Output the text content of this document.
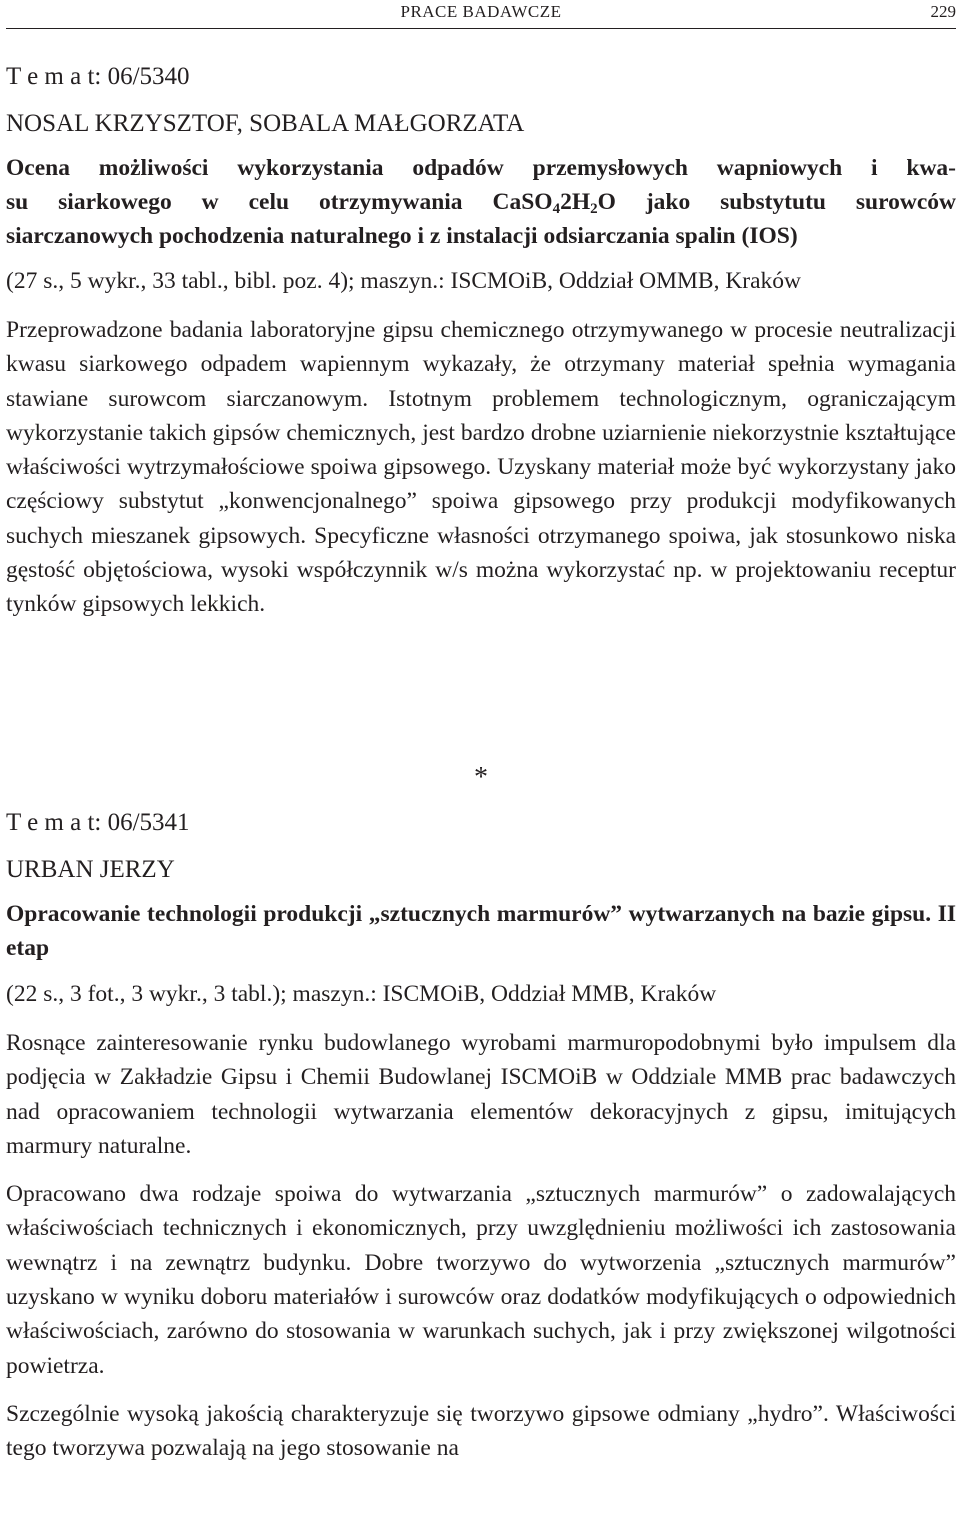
PRACE BADAWCZE	229

T e m a t: 06/5340

NOSAL KRZYSZTOF, SOBALA MAŁGORZATA

Ocena możliwości wykorzystania odpadów przemysłowych wapniowych i kwa-

su siarkowego w celu otrzymywania $CaSO_42H_2O$ jako substytutu surowców

siarczanowych pochodzenia naturalnego i z instalacji odsiarczania spalin (IOS)

(27 s., 5 wykr., 33 tabl., bibl. poz. 4); maszyn.: ISCMOiB, Oddział OMMB, Kraków

Przeprowadzone badania laboratoryjne gipsu chemicznego otrzymywanego w procesie neutralizacji kwasu siarkowego odpadem wapiennym wykazały, że otrzymany materiał spełnia wymagania stawiane surowcom siarczanowym. Istotnym problemem technologicznym, ograniczającym wykorzystanie takich gipsów chemicznych, jest bardzo drobne uziarnienie niekorzystnie kształtujące właściwości wytrzymałościowe spoiwa gipsowego. Uzyskany materiał może być wykorzystany jako częściowy substytut „konwencjonalnego” spoiwa gipsowego przy produkcji modyfikowanych suchych mieszanek gipsowych. Specyficzne własności otrzymanego spoiwa, jak stosunkowo niska gęstość objętościowa, wysoki współczynnik w/s można wykorzystać np. w projektowaniu receptur tynków gipsowych lekkich.

*

T e m a t: 06/5341

URBAN JERZY

Opracowanie technologii produkcji „sztucznych marmurów” wytwarzanych na bazie gipsu. II etap

(22 s., 3 fot., 3 wykr., 3 tabl.); maszyn.: ISCMOiB, Oddział MMB, Kraków

Rosnące zainteresowanie rynku budowlanego wyrobami marmuropodobnymi było impulsem dla podjęcia w Zakładzie Gipsu i Chemii Budowlanej ISCMOiB w Oddziale MMB prac badawczych nad opracowaniem technologii wytwarzania elementów dekoracyjnych z gipsu, imitujących marmury naturalne.

Opracowano dwa rodzaje spoiwa do wytwarzania „sztucznych marmurów” o zadowalających właściwościach technicznych i ekonomicznych, przy uwzględnieniu możliwości ich zastosowania wewnątrz i na zewnątrz budynku. Dobre tworzywo do wytworzenia „sztucznych marmurów” uzyskano w wyniku doboru materiałów i surowców oraz dodatków modyfikujących o odpowiednich właściwościach, zarówno do stosowania w warunkach suchych, jak i przy zwiększonej wilgotności powietrza.

Szczególnie wysoką jakością charakteryzuje się tworzywo gipsowe odmiany „hydro”. Właściwości tego tworzywa pozwalają na jego stosowanie na
